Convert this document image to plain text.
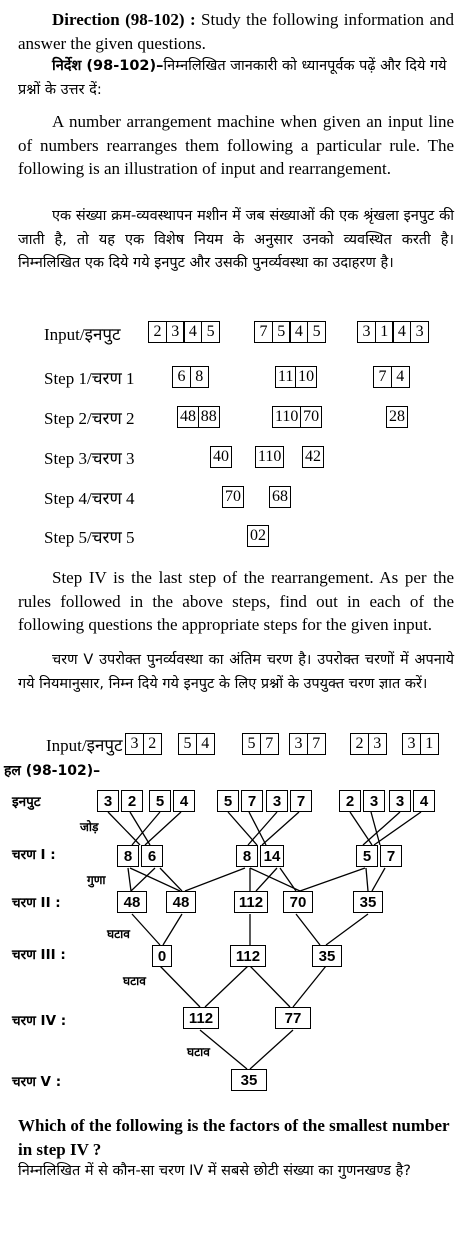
Direction (98-102) : Study the following information and answer the given questions.
निर्देश (98-102)–निम्नलिखित जानकारी को ध्यानपूर्वक पढ़ें और दिये गये प्रश्नों के उत्तर दें:
A number arrangement machine when given an input line of numbers rearranges them following a particular rule. The following is an illustration of input and rearrangement.
एक संख्या क्रम-व्यवस्थापन मशीन में जब संख्याओं की एक श्रृंखला इनपुट की जाती है, तो यह एक विशेष नियम के अनुसार उनको व्यवस्थित करती है। निम्नलिखित एक दिये गये इनपुट और उसकी पुनर्व्यवस्था का उदाहरण है।
Input/इनपुट	2 3 4 5	7 5 4 5	3 1 4 3
Step 1/चरण 1	6 8	11 10	7 4
Step 2/चरण 2	48 88	110 70	28
Step 3/चरण 3	40 110 42
Step 4/चरण 4	70 68
Step 5/चरण 5	02
Step IV is the last step of the rearrangement. As per the rules followed in the above steps, find out in each of the following questions the appropriate steps for the given input.
चरण V उपरोक्त पुनर्व्यवस्था का अंतिम चरण है। उपरोक्त चरणों में अपनाये गये नियमानुसार, निम्न दिये गये इनपुट के लिए प्रश्नों के उपयुक्त चरण ज्ञात करें।
Input/इनपुट 3 2	5 4	5 7	3 7	2 3	3 1
हल (98-102)–
इनपुट
चरण I :
चरण II :
चरण III :
चरण IV :
चरण V :
जोड़
गुणा
घटाव
घटाव
घटाव
3	2	5	4	5	7	3	7	2	3	3	4
8	6	8 14	5	7
48	48	112	70	35
0	112	35
112	77
35
Which of the following is the factors of the smallest number in step IV ?
निम्नलिखित में से कौन-सा चरण IV में सबसे छोटी संख्या का गुणनखण्ड है?
